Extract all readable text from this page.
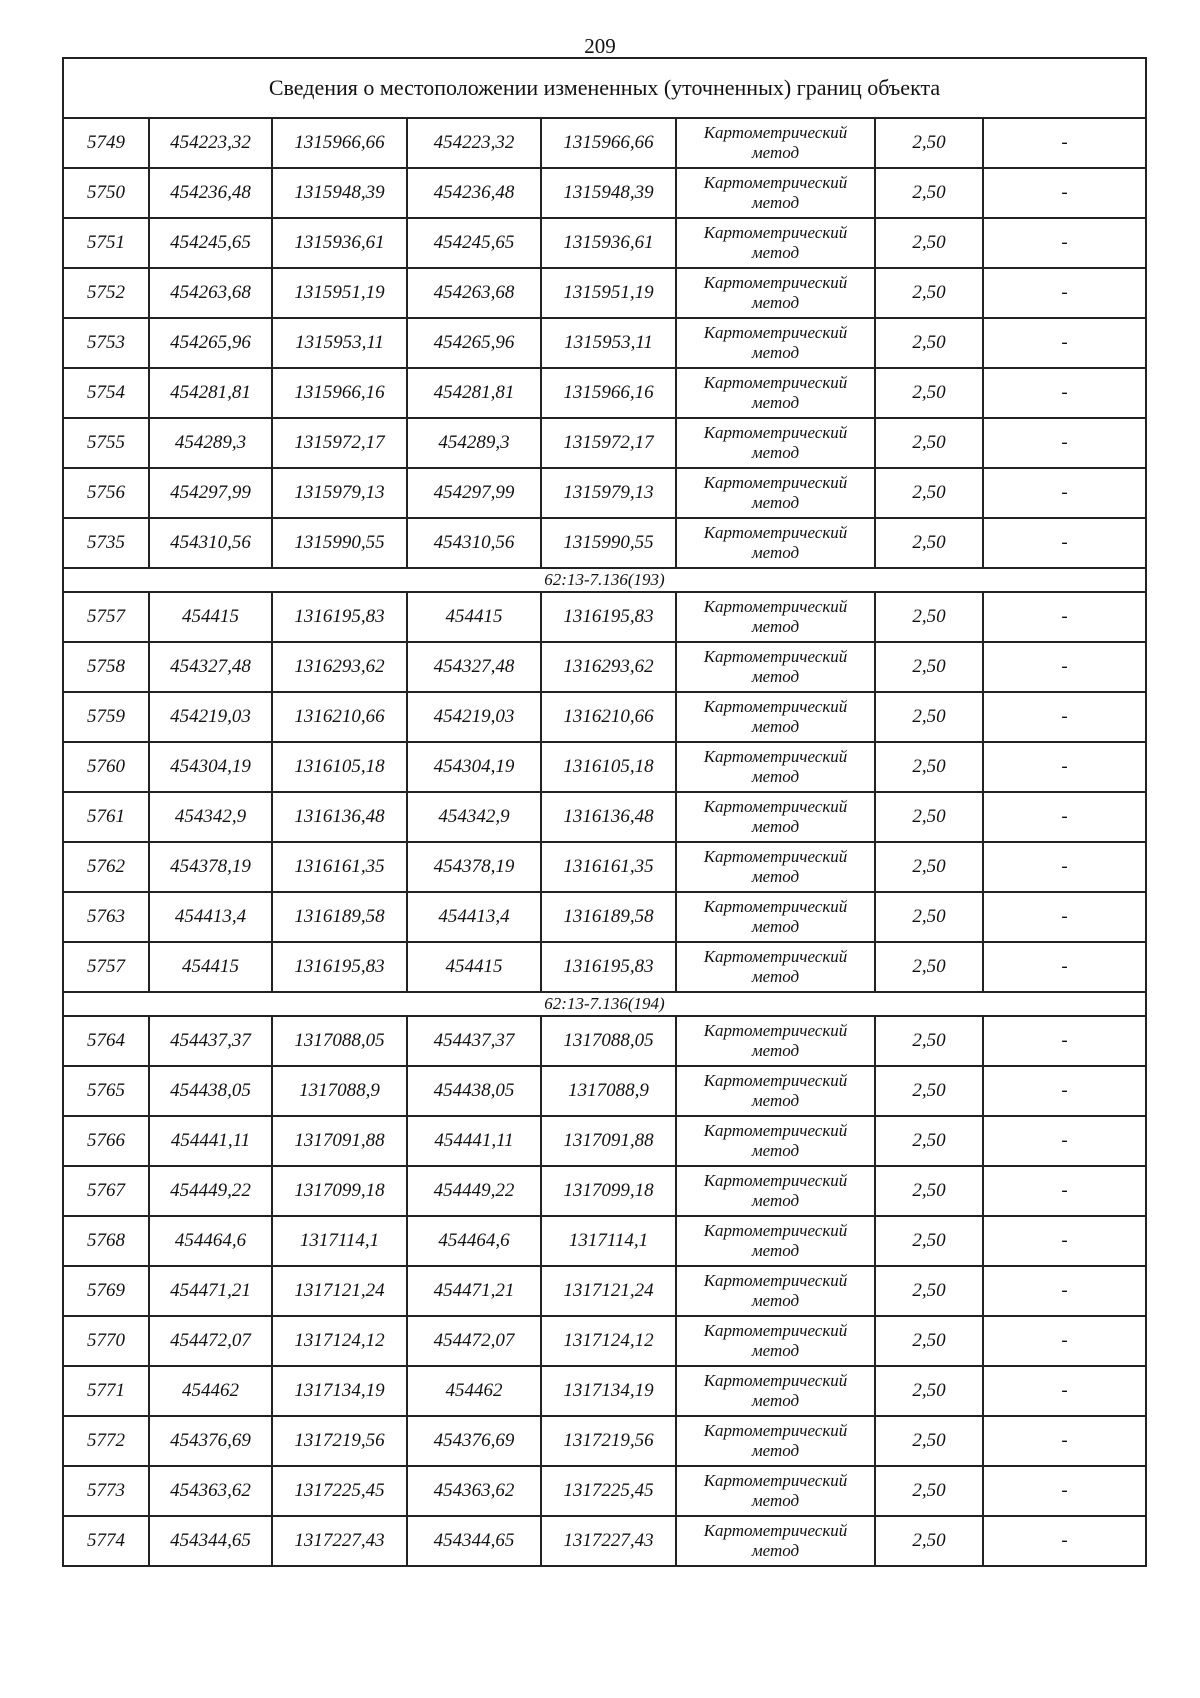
209
Сведения о местоположении измененных (уточненных) границ объекта							
5749	454223,32	1315966,66	454223,32	1315966,66	Картометрический
метод	2,50	-
5750	454236,48	1315948,39	454236,48	1315948,39	Картометрический
метод	2,50	-
5751	454245,65	1315936,61	454245,65	1315936,61	Картометрический
метод	2,50	-
5752	454263,68	1315951,19	454263,68	1315951,19	Картометрический
метод	2,50	-
5753	454265,96	1315953,11	454265,96	1315953,11	Картометрический
метод	2,50	-
5754	454281,81	1315966,16	454281,81	1315966,16	Картометрический
метод	2,50	-
5755	454289,3	1315972,17	454289,3	1315972,17	Картометрический
метод	2,50	-
5756	454297,99	1315979,13	454297,99	1315979,13	Картометрический
метод	2,50	-
5735	454310,56	1315990,55	454310,56	1315990,55	Картометрический
метод	2,50	-
62:13-7.136(193)							
5757	454415	1316195,83	454415	1316195,83	Картометрический
метод	2,50	-
5758	454327,48	1316293,62	454327,48	1316293,62	Картометрический
метод	2,50	-
5759	454219,03	1316210,66	454219,03	1316210,66	Картометрический
метод	2,50	-
5760	454304,19	1316105,18	454304,19	1316105,18	Картометрический
метод	2,50	-
5761	454342,9	1316136,48	454342,9	1316136,48	Картометрический
метод	2,50	-
5762	454378,19	1316161,35	454378,19	1316161,35	Картометрический
метод	2,50	-
5763	454413,4	1316189,58	454413,4	1316189,58	Картометрический
метод	2,50	-
5757	454415	1316195,83	454415	1316195,83	Картометрический
метод	2,50	-
62:13-7.136(194)							
5764	454437,37	1317088,05	454437,37	1317088,05	Картометрический
метод	2,50	-
5765	454438,05	1317088,9	454438,05	1317088,9	Картометрический
метод	2,50	-
5766	454441,11	1317091,88	454441,11	1317091,88	Картометрический
метод	2,50	-
5767	454449,22	1317099,18	454449,22	1317099,18	Картометрический
метод	2,50	-
5768	454464,6	1317114,1	454464,6	1317114,1	Картометрический
метод	2,50	-
5769	454471,21	1317121,24	454471,21	1317121,24	Картометрический
метод	2,50	-
5770	454472,07	1317124,12	454472,07	1317124,12	Картометрический
метод	2,50	-
5771	454462	1317134,19	454462	1317134,19	Картометрический
метод	2,50	-
5772	454376,69	1317219,56	454376,69	1317219,56	Картометрический
метод	2,50	-
5773	454363,62	1317225,45	454363,62	1317225,45	Картометрический
метод	2,50	-
5774	454344,65	1317227,43	454344,65	1317227,43	Картометрический
метод	2,50	-
